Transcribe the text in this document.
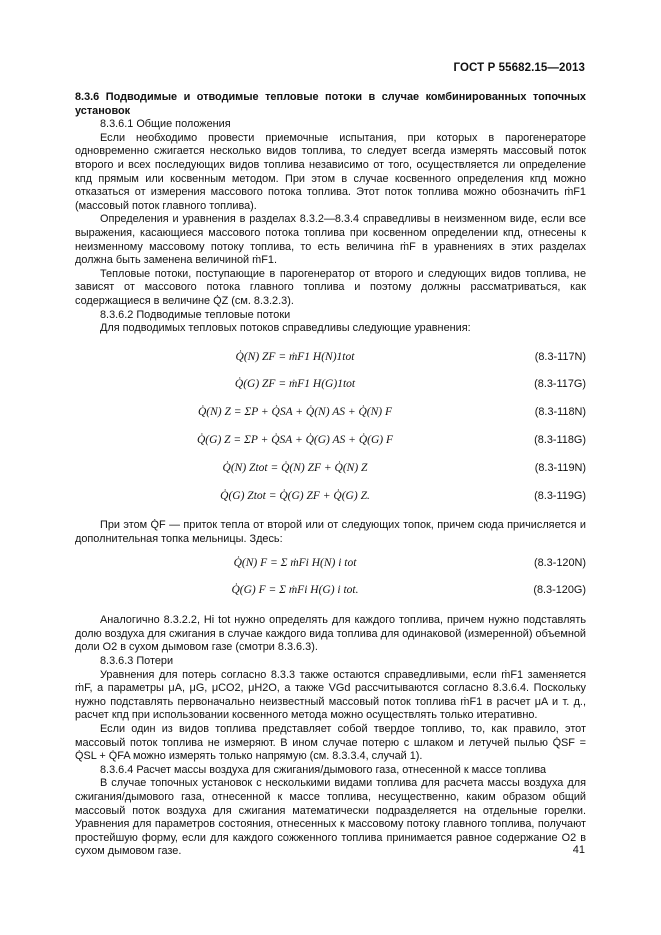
ГОСТ Р 55682.15—2013

8.3.6 Подводимые и отводимые тепловые потоки в случае комбинированных топочных установок

8.3.6.1 Общие положения

Если необходимо провести приемочные испытания, при которых в парогенераторе одновременно сжигается несколько видов топлива, то следует всегда измерять массовый поток второго и всех последующих видов топлива независимо от того, осуществляется ли определение кпд прямым или косвенным методом. При этом в случае косвенного определения кпд можно отказаться от измерения массового потока топлива. Этот поток топлива можно обозначить ṁF1 (массовый поток главного топлива).

Определения и уравнения в разделах 8.3.2—8.3.4 справедливы в неизменном виде, если все выражения, касающиеся массового потока топлива при косвенном определении кпд, отнесены к неизменному массовому потоку топлива, то есть величина ṁF в уравнениях в этих разделах должна быть заменена величиной ṁF1.

Тепловые потоки, поступающие в парогенератор от второго и следующих видов топлива, не зависят от массового потока главного топлива и поэтому должны рассматриваться, как содержащиеся в величине Q̇Z (см. 8.3.2.3).

8.3.6.2 Подводимые тепловые потоки

Для подводимых тепловых потоков справедливы следующие уравнения:

Q̇(N) ZF = ṁF1 H(N)1tot	(8.3-117N)
Q̇(G) ZF = ṁF1 H(G)1tot	(8.3-117G)
Q̇(N) Z = ΣP + Q̇SA + Q̇(N) AS + Q̇(N) F	(8.3-118N)
Q̇(G) Z = ΣP + Q̇SA + Q̇(G) AS + Q̇(G) F	(8.3-118G)
Q̇(N) Ztot = Q̇(N) ZF + Q̇(N) Z	(8.3-119N)
Q̇(G) Ztot = Q̇(G) ZF + Q̇(G) Z.	(8.3-119G)

При этом Q̇F — приток тепла от второй или от следующих топок, причем сюда причисляется и дополнительная топка мельницы. Здесь:

Q̇(N) F = Σ ṁFi H(N) i tot	(8.3-120N)
Q̇(G) F = Σ ṁFi H(G) i tot.	(8.3-120G)

Аналогично 8.3.2.2, Hi tot нужно определять для каждого топлива, причем нужно подставлять долю воздуха для сжигания в случае каждого вида топлива для одинаковой (измеренной) объемной доли O2 в сухом дымовом газе (смотри 8.3.6.3).

8.3.6.3 Потери

Уравнения для потерь согласно 8.3.3 также остаются справедливыми, если ṁF1 заменяется ṁF, а параметры μA, μG, μCO2, μH2O, а также VGd рассчитываются согласно 8.3.6.4. Поскольку нужно подставлять первоначально неизвестный массовый поток топлива ṁF1 в расчет μA и т. д., расчет кпд при использовании косвенного метода можно осуществлять только итеративно.

Если один из видов топлива представляет собой твердое топливо, то, как правило, этот массовый поток топлива не измеряют. В ином случае потерю с шлаком и летучей пылью Q̇SF = Q̇SL + Q̇FA можно измерять только напрямую (см. 8.3.3.4, случай 1).

8.3.6.4 Расчет массы воздуха для сжигания/дымового газа, отнесенной к массе топлива

В случае топочных установок с несколькими видами топлива для расчета массы воздуха для сжигания/дымового газа, отнесенной к массе топлива, несущественно, каким образом общий массовый поток воздуха для сжигания математически подразделяется на отдельные горелки. Уравнения для параметров состояния, отнесенных к массовому потоку главного топлива, получают простейшую форму, если для каждого сожженного топлива принимается равное содержание O2 в сухом дымовом газе.	41
